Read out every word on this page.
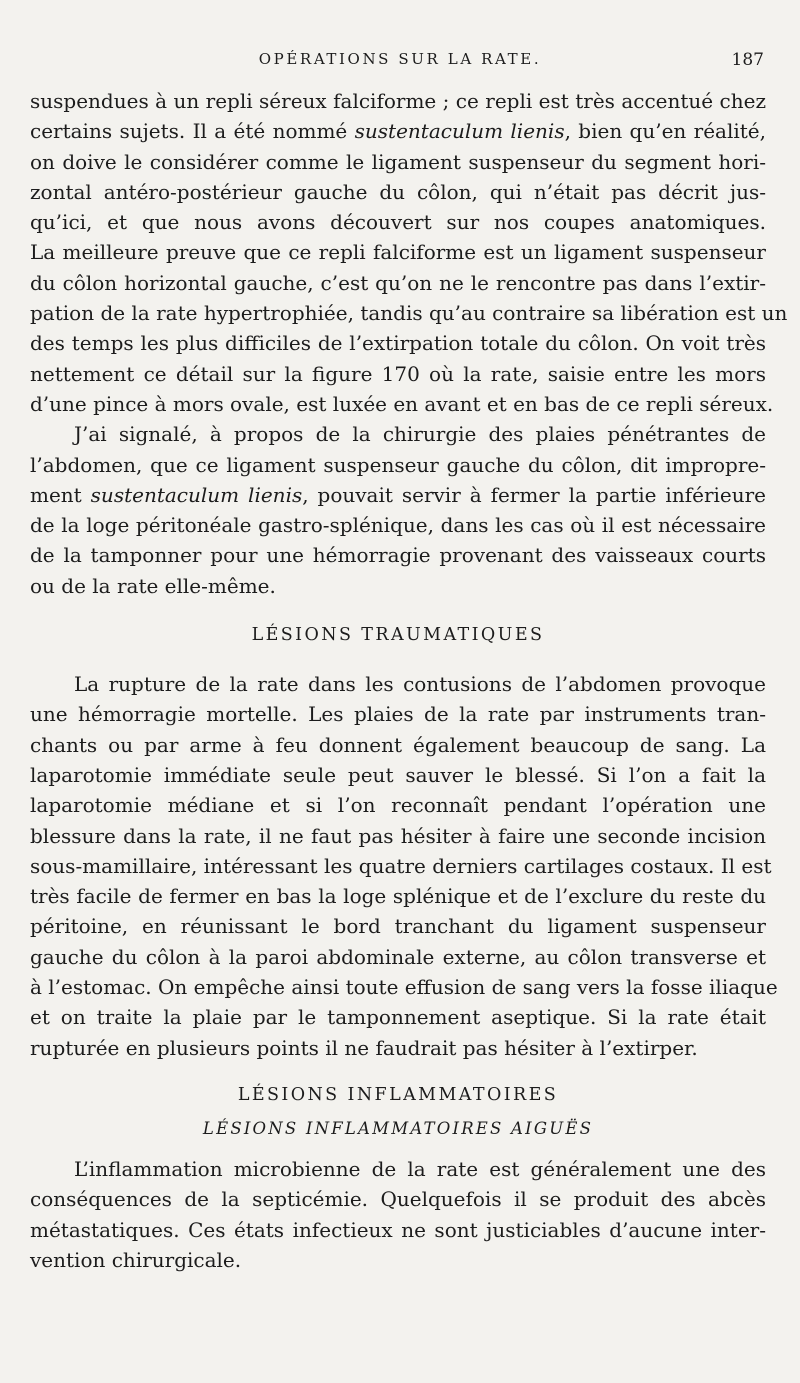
OPÉRATIONS SUR LA RATE.	187

suspendues à un repli séreux falciforme ; ce repli est très accentué chez
certains sujets. Il a été nommé sustentaculum lienis, bien qu’en réalité,
on doive le considérer comme le ligament suspenseur du segment hori-
zontal antéro-postérieur gauche du côlon, qui n’était pas décrit jus-
qu’ici, et que nous avons découvert sur nos coupes anatomiques.
La meilleure preuve que ce repli falciforme est un ligament suspenseur
du côlon horizontal gauche, c’est qu’on ne le rencontre pas dans l’extir-
pation de la rate hypertrophiée, tandis qu’au contraire sa libération est un
des temps les plus difficiles de l’extirpation totale du côlon. On voit très
nettement ce détail sur la figure 170 où la rate, saisie entre les mors
d’une pince à mors ovale, est luxée en avant et en bas de ce repli séreux.

J’ai signalé, à propos de la chirurgie des plaies pénétrantes de
l’abdomen, que ce ligament suspenseur gauche du côlon, dit impropre-
ment sustentaculum lienis, pouvait servir à fermer la partie inférieure
de la loge péritonéale gastro-splénique, dans les cas où il est nécessaire
de la tamponner pour une hémorragie provenant des vaisseaux courts
ou de la rate elle-même.

LÉSIONS TRAUMATIQUES

La rupture de la rate dans les contusions de l’abdomen provoque
une hémorragie mortelle. Les plaies de la rate par instruments tran-
chants ou par arme à feu donnent également beaucoup de sang. La
laparotomie immédiate seule peut sauver le blessé. Si l’on a fait la
laparotomie médiane et si l’on reconnaît pendant l’opération une
blessure dans la rate, il ne faut pas hésiter à faire une seconde incision
sous-mamillaire, intéressant les quatre derniers cartilages costaux. Il est
très facile de fermer en bas la loge splénique et de l’exclure du reste du
péritoine, en réunissant le bord tranchant du ligament suspenseur
gauche du côlon à la paroi abdominale externe, au côlon transverse et
à l’estomac. On empêche ainsi toute effusion de sang vers la fosse iliaque
et on traite la plaie par le tamponnement aseptique. Si la rate était
rupturée en plusieurs points il ne faudrait pas hésiter à l’extirper.

LÉSIONS INFLAMMATOIRES
LÉSIONS INFLAMMATOIRES AIGUËS

L’inflammation microbienne de la rate est généralement une des
conséquences de la septicémie. Quelquefois il se produit des abcès
métastatiques. Ces états infectieux ne sont justiciables d’aucune inter-
vention chirurgicale.
